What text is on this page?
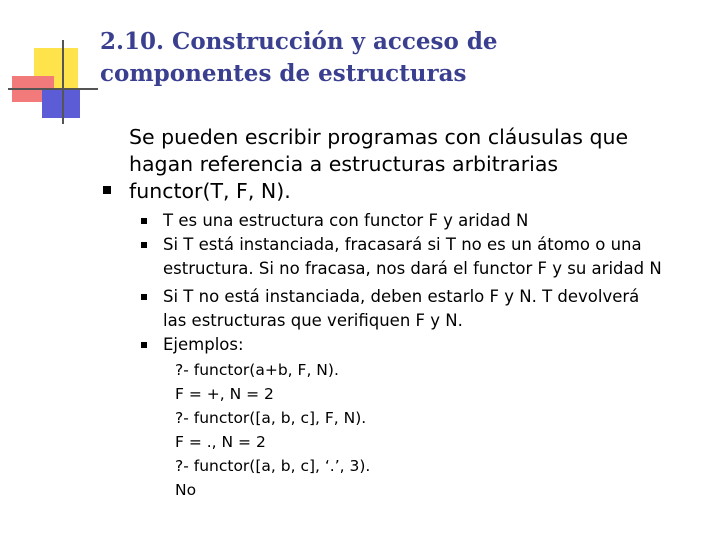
2.10. Construcción y acceso de
componentes de estructuras
Se pueden escribir programas con cláusulas que
hagan referencia a estructuras arbitrarias
functor(T, F, N).
T es una estructura con functor F y aridad N
Si T está instanciada, fracasará si T no es un átomo o una
estructura. Si no fracasa, nos dará el functor F y su aridad N
Si T no está instanciada, deben estarlo F y N. T devolverá
las estructuras que verifiquen F y N.
Ejemplos:
?- functor(a+b, F, N).
F = +, N = 2
?- functor([a, b, c], F, N).
F = ., N = 2
?- functor([a, b, c], ‘.’, 3).
No
